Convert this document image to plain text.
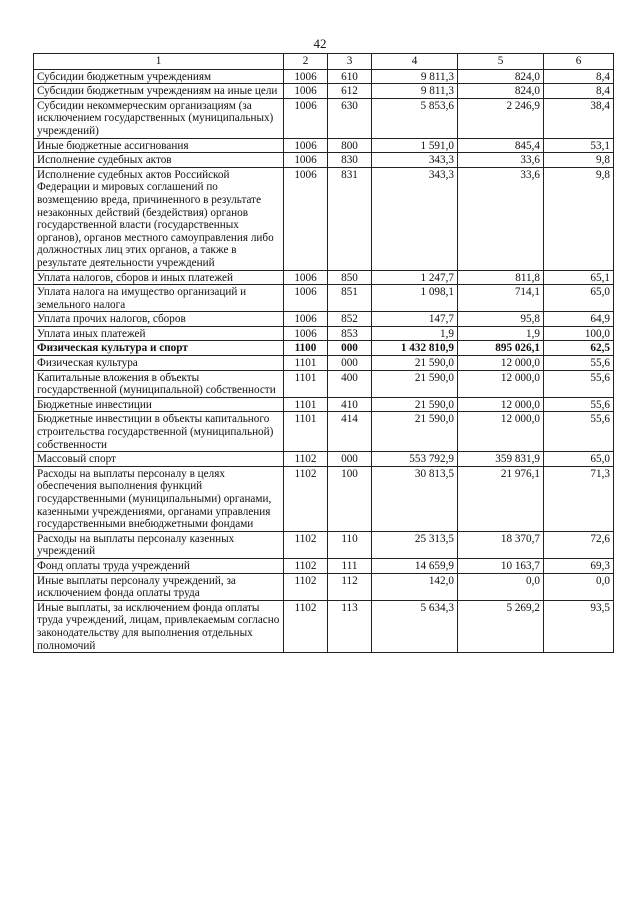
42
1	2	3	4	5	6
Субсидии бюджетным учреждениям	1006	610	9 811,3	824,0	8,4
Субсидии бюджетным учреждениям на иные цели	1006	612	9 811,3	824,0	8,4
Субсидии некоммерческим организациям (за исключением государственных (муниципальных) учреждений)	1006	630	5 853,6	2 246,9	38,4
Иные бюджетные ассигнования	1006	800	1 591,0	845,4	53,1
Исполнение судебных актов	1006	830	343,3	33,6	9,8
Исполнение судебных актов Российской Федерации и мировых соглашений по возмещению вреда, причиненного в результате незаконных действий (бездействия) органов государственной власти (государственных органов), органов местного самоуправления либо должностных лиц этих органов, а также в результате деятельности учреждений	1006	831	343,3	33,6	9,8
Уплата налогов, сборов и иных платежей	1006	850	1 247,7	811,8	65,1
Уплата налога на имущество организаций и земельного налога	1006	851	1 098,1	714,1	65,0
Уплата прочих налогов, сборов	1006	852	147,7	95,8	64,9
Уплата иных платежей	1006	853	1,9	1,9	100,0
Физическая культура и спорт	1100	000	1 432 810,9	895 026,1	62,5
Физическая культура	1101	000	21 590,0	12 000,0	55,6
Капитальные вложения в объекты государственной (муниципальной) собственности	1101	400	21 590,0	12 000,0	55,6
Бюджетные инвестиции	1101	410	21 590,0	12 000,0	55,6
Бюджетные инвестиции в объекты капитального строительства государственной (муниципальной) собственности	1101	414	21 590,0	12 000,0	55,6
Массовый спорт	1102	000	553 792,9	359 831,9	65,0
Расходы на выплаты персоналу в целях обеспечения выполнения функций государственными (муниципальными) органами, казенными учреждениями, органами управления государственными внебюджетными фондами	1102	100	30 813,5	21 976,1	71,3
Расходы на выплаты персоналу казенных учреждений	1102	110	25 313,5	18 370,7	72,6
Фонд оплаты труда учреждений	1102	111	14 659,9	10 163,7	69,3
Иные выплаты персоналу учреждений, за исключением фонда оплаты труда	1102	112	142,0	0,0	0,0
Иные выплаты, за исключением фонда оплаты труда учреждений, лицам, привлекаемым согласно законодательству для выполнения отдельных полномочий	1102	113	5 634,3	5 269,2	93,5
